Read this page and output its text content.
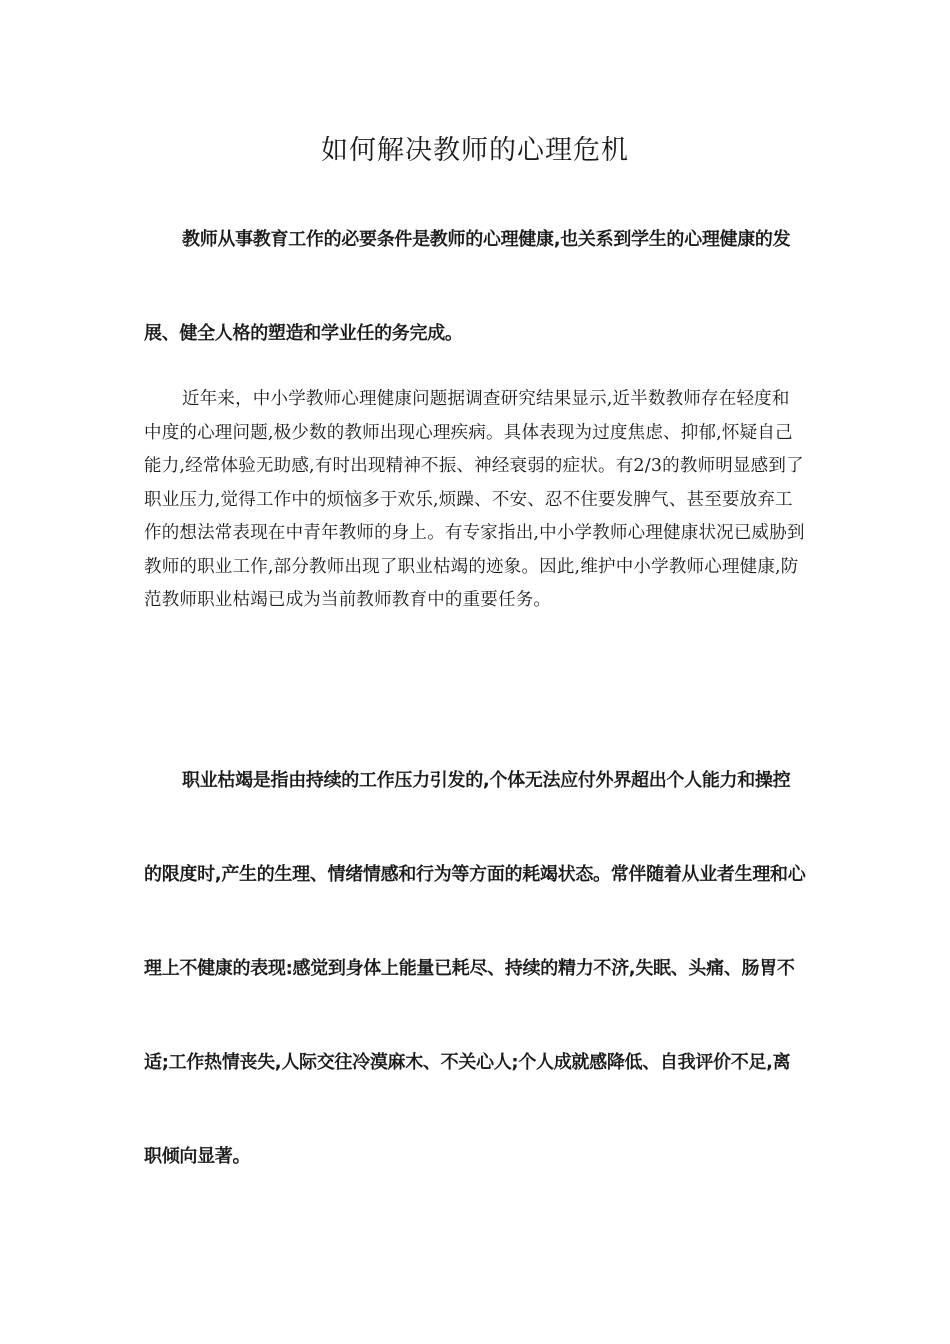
如何解决教师的心理危机

教师从事教育工作的必要条件是教师的心理健康,也关系到学生的心理健康的发展、健全人格的塑造和学业任的务完成。

近年来，中小学教师心理健康问题据调查研究结果显示,近半数教师存在轻度和中度的心理问题,极少数的教师出现心理疾病。具体表现为过度焦虑、抑郁,怀疑自己能力,经常体验无助感,有时出现精神不振、神经衰弱的症状。有2/3的教师明显感到了职业压力,觉得工作中的烦恼多于欢乐,烦躁、不安、忍不住要发脾气、甚至要放弃工作的想法常表现在中青年教师的身上。有专家指出,中小学教师心理健康状况已威胁到教师的职业工作,部分教师出现了职业枯竭的迹象。因此,维护中小学教师心理健康,防范教师职业枯竭已成为当前教师教育中的重要任务。

职业枯竭是指由持续的工作压力引发的,个体无法应付外界超出个人能力和操控的限度时,产生的生理、情绪情感和行为等方面的耗竭状态。常伴随着从业者生理和心理上不健康的表现:感觉到身体上能量已耗尽、持续的精力不济,失眠、头痛、肠胃不适;工作热情丧失,人际交往冷漠麻木、不关心人;个人成就感降低、自我评价不足,离职倾向显著。
